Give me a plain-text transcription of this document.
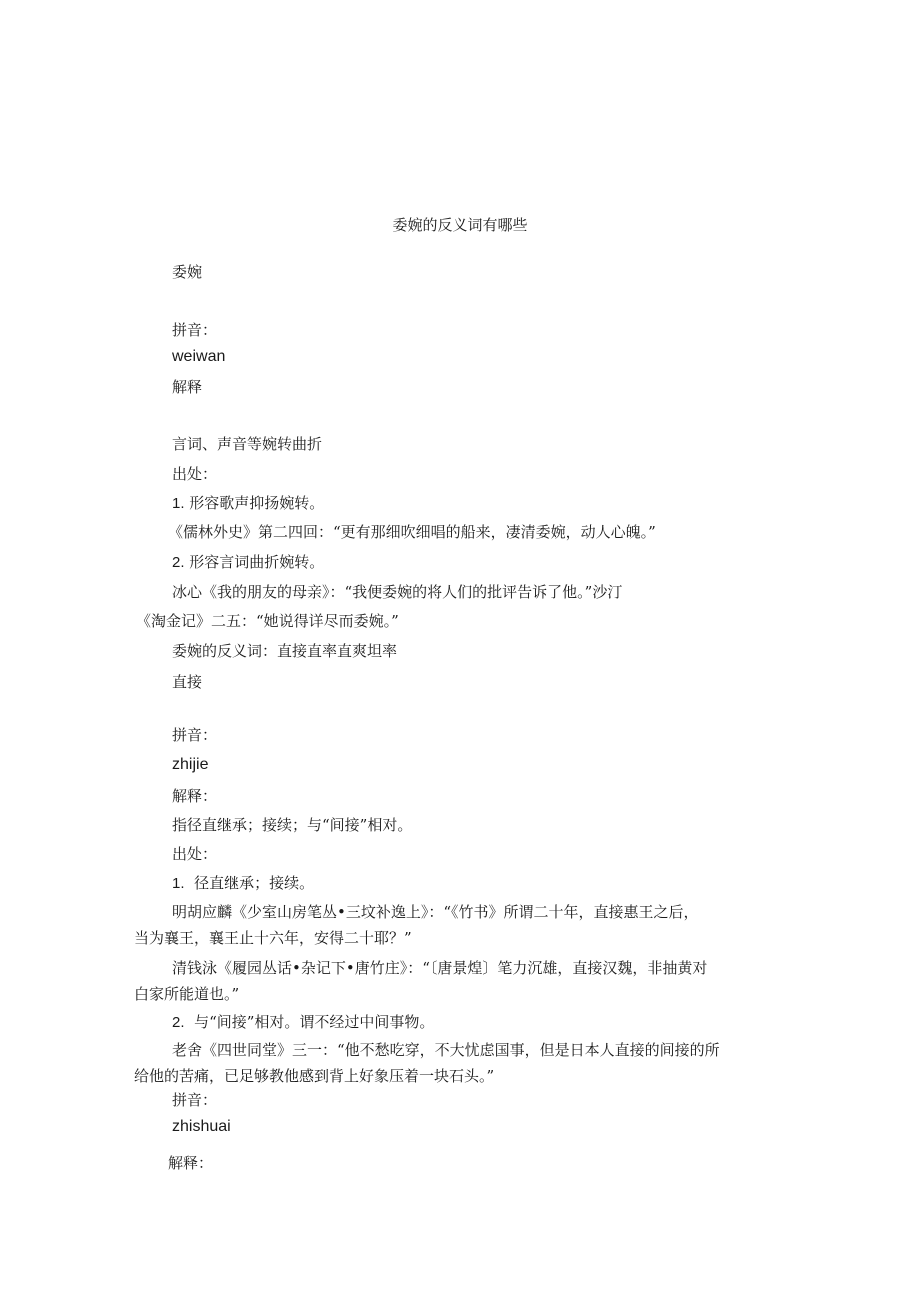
委婉的反义词有哪些
委婉
拼音：
weiwan
解释
言词、声音等婉转曲折
出处：
1. 形容歌声抑扬婉转。
《儒林外史》第二四回：“更有那细吹细唱的船来，凄清委婉，动人心魄。”
2. 形容言词曲折婉转。
冰心《我的朋友的母亲》：“我便委婉的将人们的批评告诉了他。”沙汀
《淘金记》二五：“她说得详尽而委婉。”
委婉的反义词：直接直率直爽坦率
直接
拼音：
zhijie
解释：
指径直继承；接续；与“间接”相对。
出处：
1. 径直继承；接续。
明胡应麟《少室山房笔丛•三坟补逸上》：“《竹书》所谓二十年，直接惠王之后，
当为襄王，襄王止十六年，安得二十耶？”
清钱泳《履园丛话•杂记下•唐竹庄》：“〔唐景煌〕笔力沉雄，直接汉魏，非抽黄对
白家所能道也。”
2. 与“间接”相对。谓不经过中间事物。
老舍《四世同堂》三一：“他不愁吃穿，不大忧虑国事，但是日本人直接的间接的所
给他的苦痛，已足够教他感到背上好象压着一块石头。”
拼音：
zhishuai
解释：
